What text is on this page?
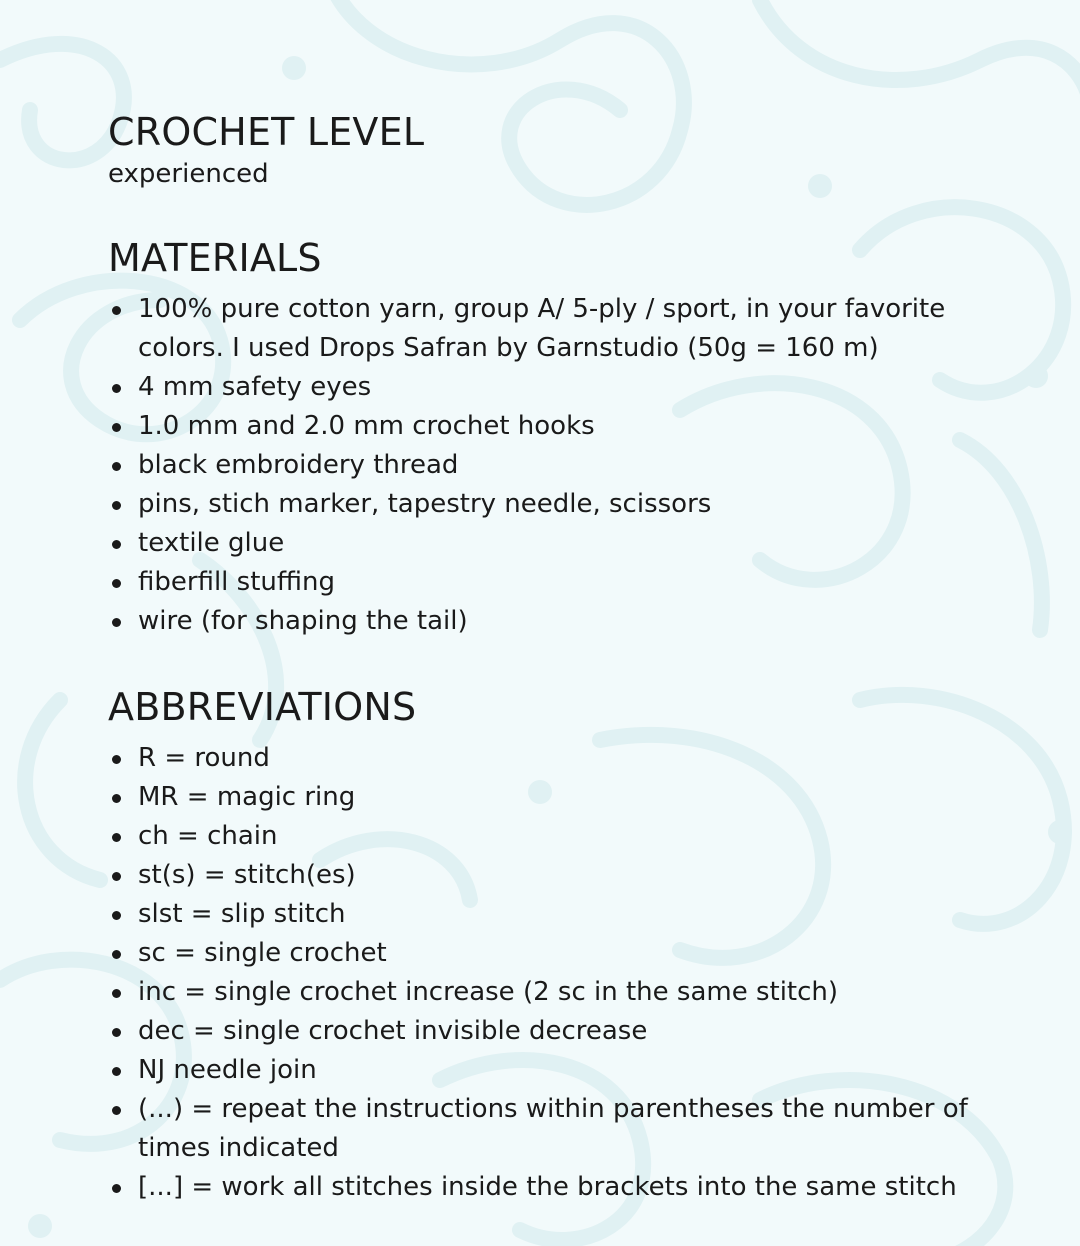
CROCHET LEVEL

experienced

MATERIALS
100% pure cotton yarn, group A/ 5-ply / sport, in your favorite colors. I used Drops Safran by Garnstudio (50g = 160 m)
4 mm safety eyes
1.0 mm and 2.0 mm crochet hooks
black embroidery thread
pins, stich marker, tapestry needle, scissors
textile glue
fiberfill stuffing
wire (for shaping the tail)
ABBREVIATIONS
R = round
MR = magic ring
ch = chain
st(s) = stitch(es)
slst = slip stitch
sc = single crochet
inc = single crochet increase (2 sc in the same stitch)
dec = single crochet invisible decrease
NJ needle join
(...) = repeat the instructions within parentheses the number of times indicated
[...] = work all stitches inside the brackets into the same stitch
